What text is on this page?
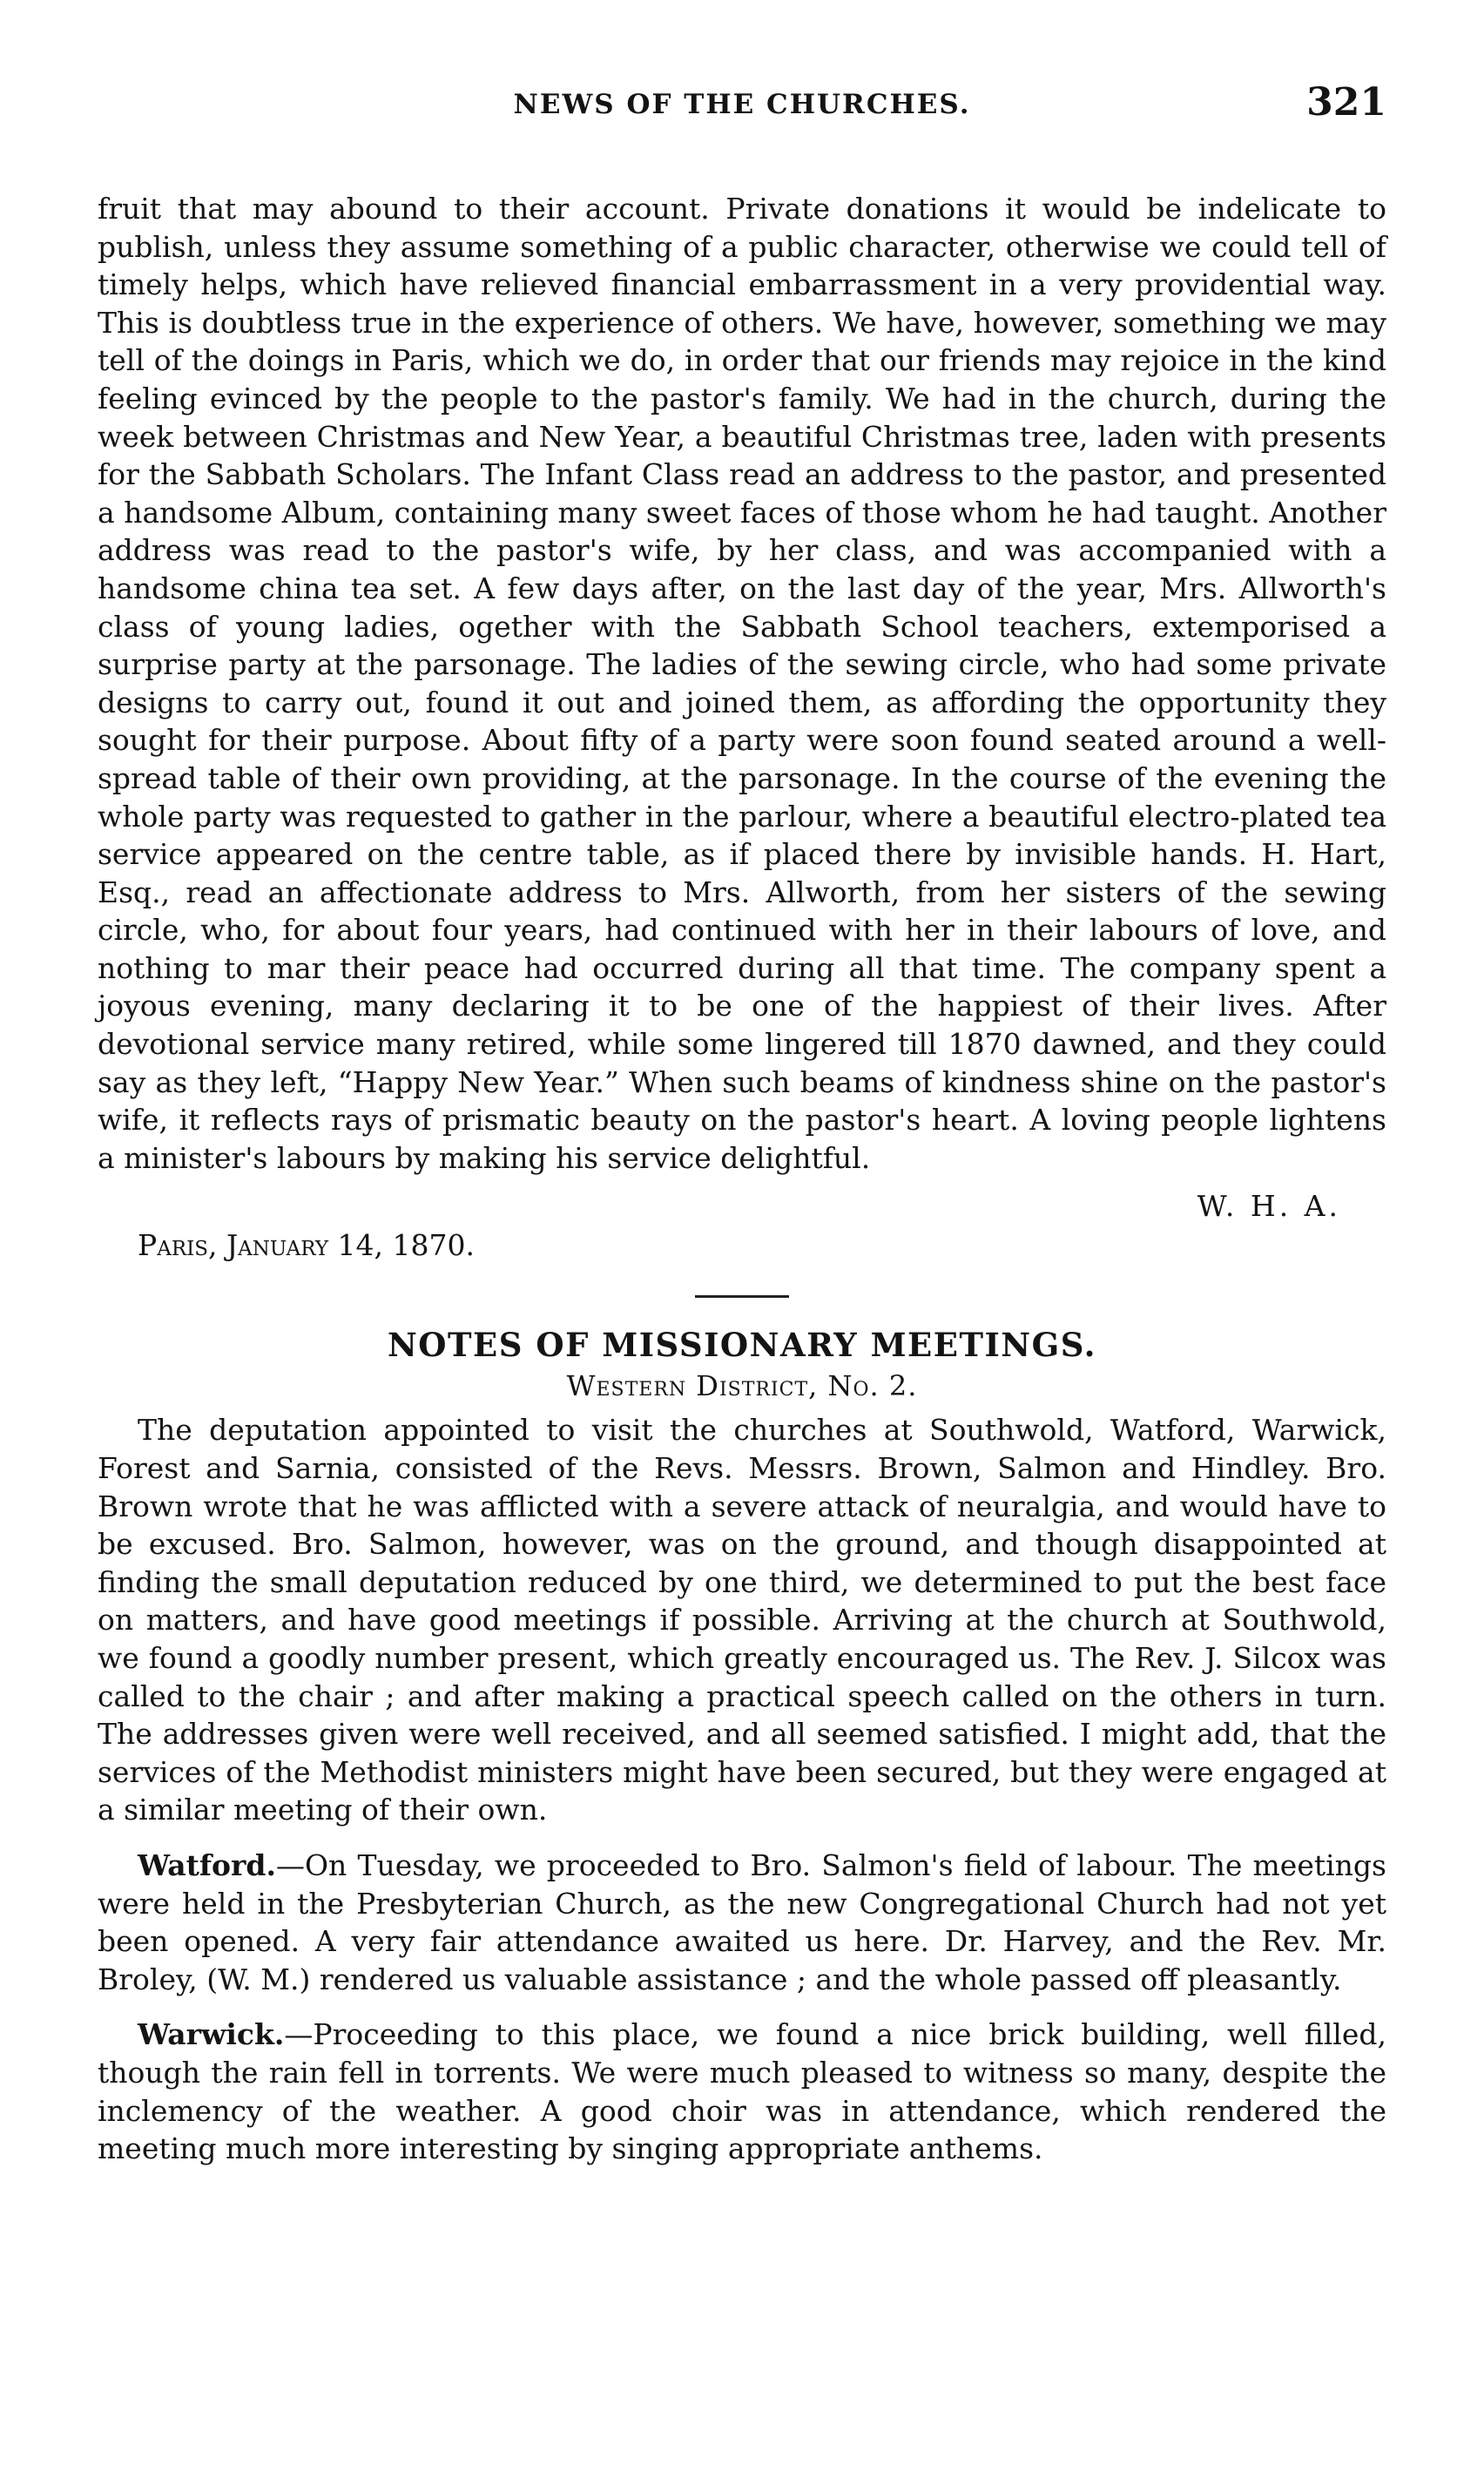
NEWS OF THE CHURCHES.	321

fruit that may abound to their account. Private donations it would be indelicate to publish, unless they assume something of a public character, otherwise we could tell of timely helps, which have relieved financial embarrassment in a very providential way. This is doubtless true in the experience of others. We have, however, something we may tell of the doings in Paris, which we do, in order that our friends may rejoice in the kind feeling evinced by the people to the pastor's family. We had in the church, during the week between Christmas and New Year, a beautiful Christmas tree, laden with presents for the Sabbath Scholars. The Infant Class read an address to the pastor, and presented a handsome Album, containing many sweet faces of those whom he had taught. Another address was read to the pastor's wife, by her class, and was accompanied with a handsome china tea set. A few days after, on the last day of the year, Mrs. Allworth's class of young ladies, ogether with the Sabbath School teachers, extemporised a surprise party at the parsonage. The ladies of the sewing circle, who had some private designs to carry out, found it out and joined them, as affording the opportunity they sought for their purpose. About fifty of a party were soon found seated around a well-spread table of their own providing, at the parsonage. In the course of the evening the whole party was requested to gather in the parlour, where a beautiful electro-plated tea service appeared on the centre table, as if placed there by invisible hands. H. Hart, Esq., read an affectionate address to Mrs. Allworth, from her sisters of the sewing circle, who, for about four years, had continued with her in their labours of love, and nothing to mar their peace had occurred during all that time. The company spent a joyous evening, many declaring it to be one of the happiest of their lives. After devotional service many retired, while some lingered till 1870 dawned, and they could say as they left, “Happy New Year.” When such beams of kindness shine on the pastor's wife, it reflects rays of prismatic beauty on the pastor's heart. A loving people lightens a minister's labours by making his service delightful.

W. H. A.
Paris, January 14, 1870.
NOTES OF MISSIONARY MEETINGS.
Western District, No. 2.

The deputation appointed to visit the churches at Southwold, Watford, Warwick, Forest and Sarnia, consisted of the Revs. Messrs. Brown, Salmon and Hindley. Bro. Brown wrote that he was afflicted with a severe attack of neuralgia, and would have to be excused. Bro. Salmon, however, was on the ground, and though disappointed at finding the small deputation reduced by one third, we determined to put the best face on matters, and have good meetings if possible. Arriving at the church at Southwold, we found a goodly number present, which greatly encouraged us. The Rev. J. Silcox was called to the chair ; and after making a practical speech called on the others in turn. The addresses given were well received, and all seemed satisfied. I might add, that the services of the Methodist ministers might have been secured, but they were engaged at a similar meeting of their own.

Watford.—On Tuesday, we proceeded to Bro. Salmon's field of labour. The meetings were held in the Presbyterian Church, as the new Congregational Church had not yet been opened. A very fair attendance awaited us here. Dr. Harvey, and the Rev. Mr. Broley, (W. M.) rendered us valuable assistance ; and the whole passed off pleasantly.

Warwick.—Proceeding to this place, we found a nice brick building, well filled, though the rain fell in torrents. We were much pleased to witness so many, despite the inclemency of the weather. A good choir was in attendance, which rendered the meeting much more interesting by singing appropriate anthems.
